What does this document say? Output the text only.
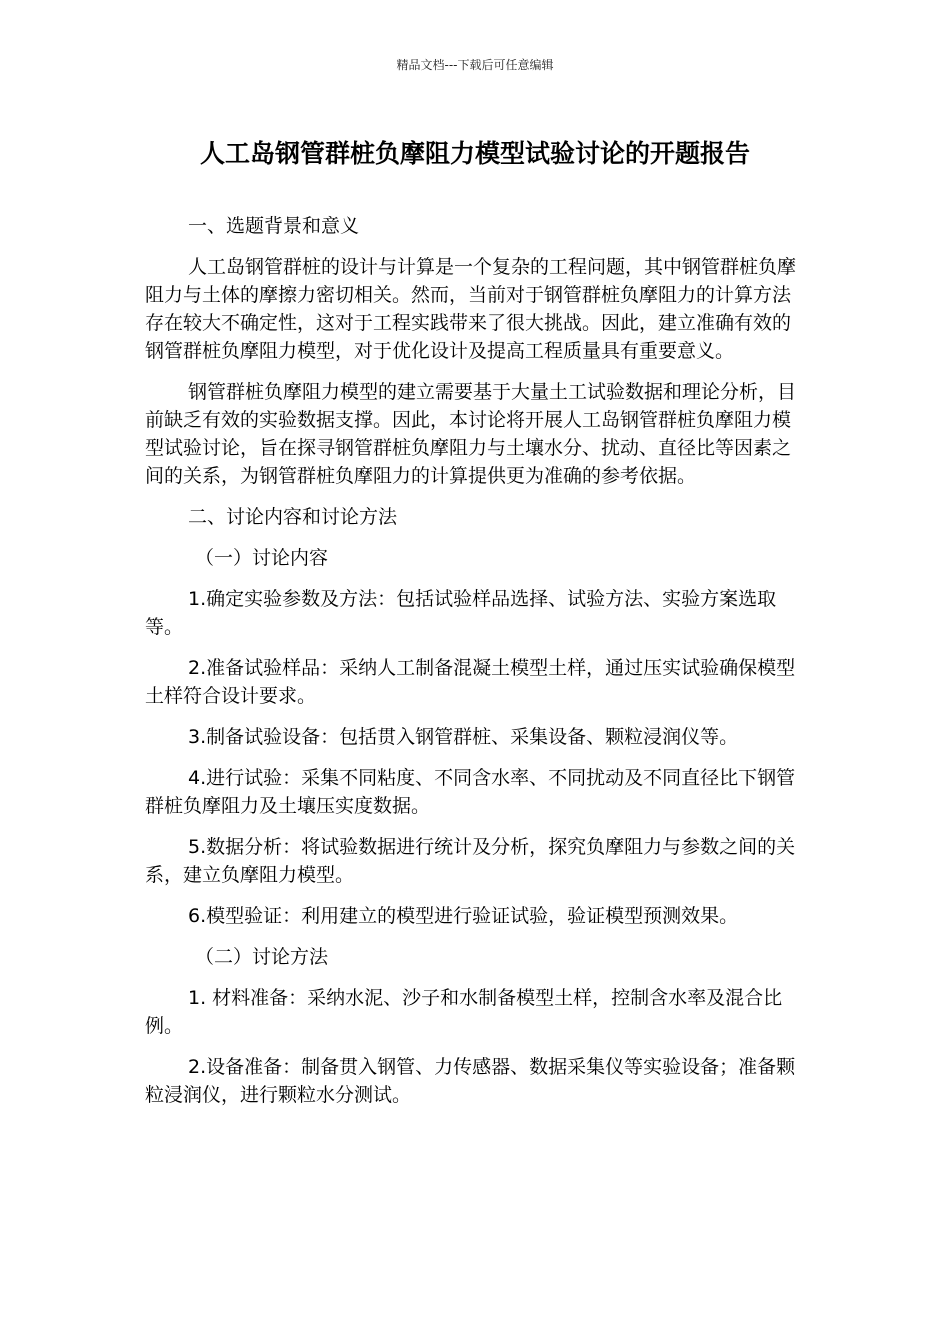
精品文档---下载后可任意编辑
人工岛钢管群桩负摩阻力模型试验讨论的开题报告

一、选题背景和意义

人工岛钢管群桩的设计与计算是一个复杂的工程问题，其中钢管群桩负摩阻力与土体的摩擦力密切相关。然而，当前对于钢管群桩负摩阻力的计算方法存在较大不确定性，这对于工程实践带来了很大挑战。因此，建立准确有效的钢管群桩负摩阻力模型，对于优化设计及提高工程质量具有重要意义。

钢管群桩负摩阻力模型的建立需要基于大量土工试验数据和理论分析，目前缺乏有效的实验数据支撑。因此，本讨论将开展人工岛钢管群桩负摩阻力模型试验讨论，旨在探寻钢管群桩负摩阻力与土壤水分、扰动、直径比等因素之间的关系，为钢管群桩负摩阻力的计算提供更为准确的参考依据。

二、讨论内容和讨论方法

（一）讨论内容

1.确定实验参数及方法：包括试验样品选择、试验方法、实验方案选取等。

2.准备试验样品：采纳人工制备混凝土模型土样，通过压实试验确保模型土样符合设计要求。

3.制备试验设备：包括贯入钢管群桩、采集设备、颗粒浸润仪等。

4.进行试验：采集不同粘度、不同含水率、不同扰动及不同直径比下钢管群桩负摩阻力及土壤压实度数据。

5.数据分析：将试验数据进行统计及分析，探究负摩阻力与参数之间的关系，建立负摩阻力模型。

6.模型验证：利用建立的模型进行验证试验，验证模型预测效果。

（二）讨论方法

1. 材料准备：采纳水泥、沙子和水制备模型土样，控制含水率及混合比例。

2.设备准备：制备贯入钢管、力传感器、数据采集仪等实验设备；准备颗粒浸润仪，进行颗粒水分测试。
